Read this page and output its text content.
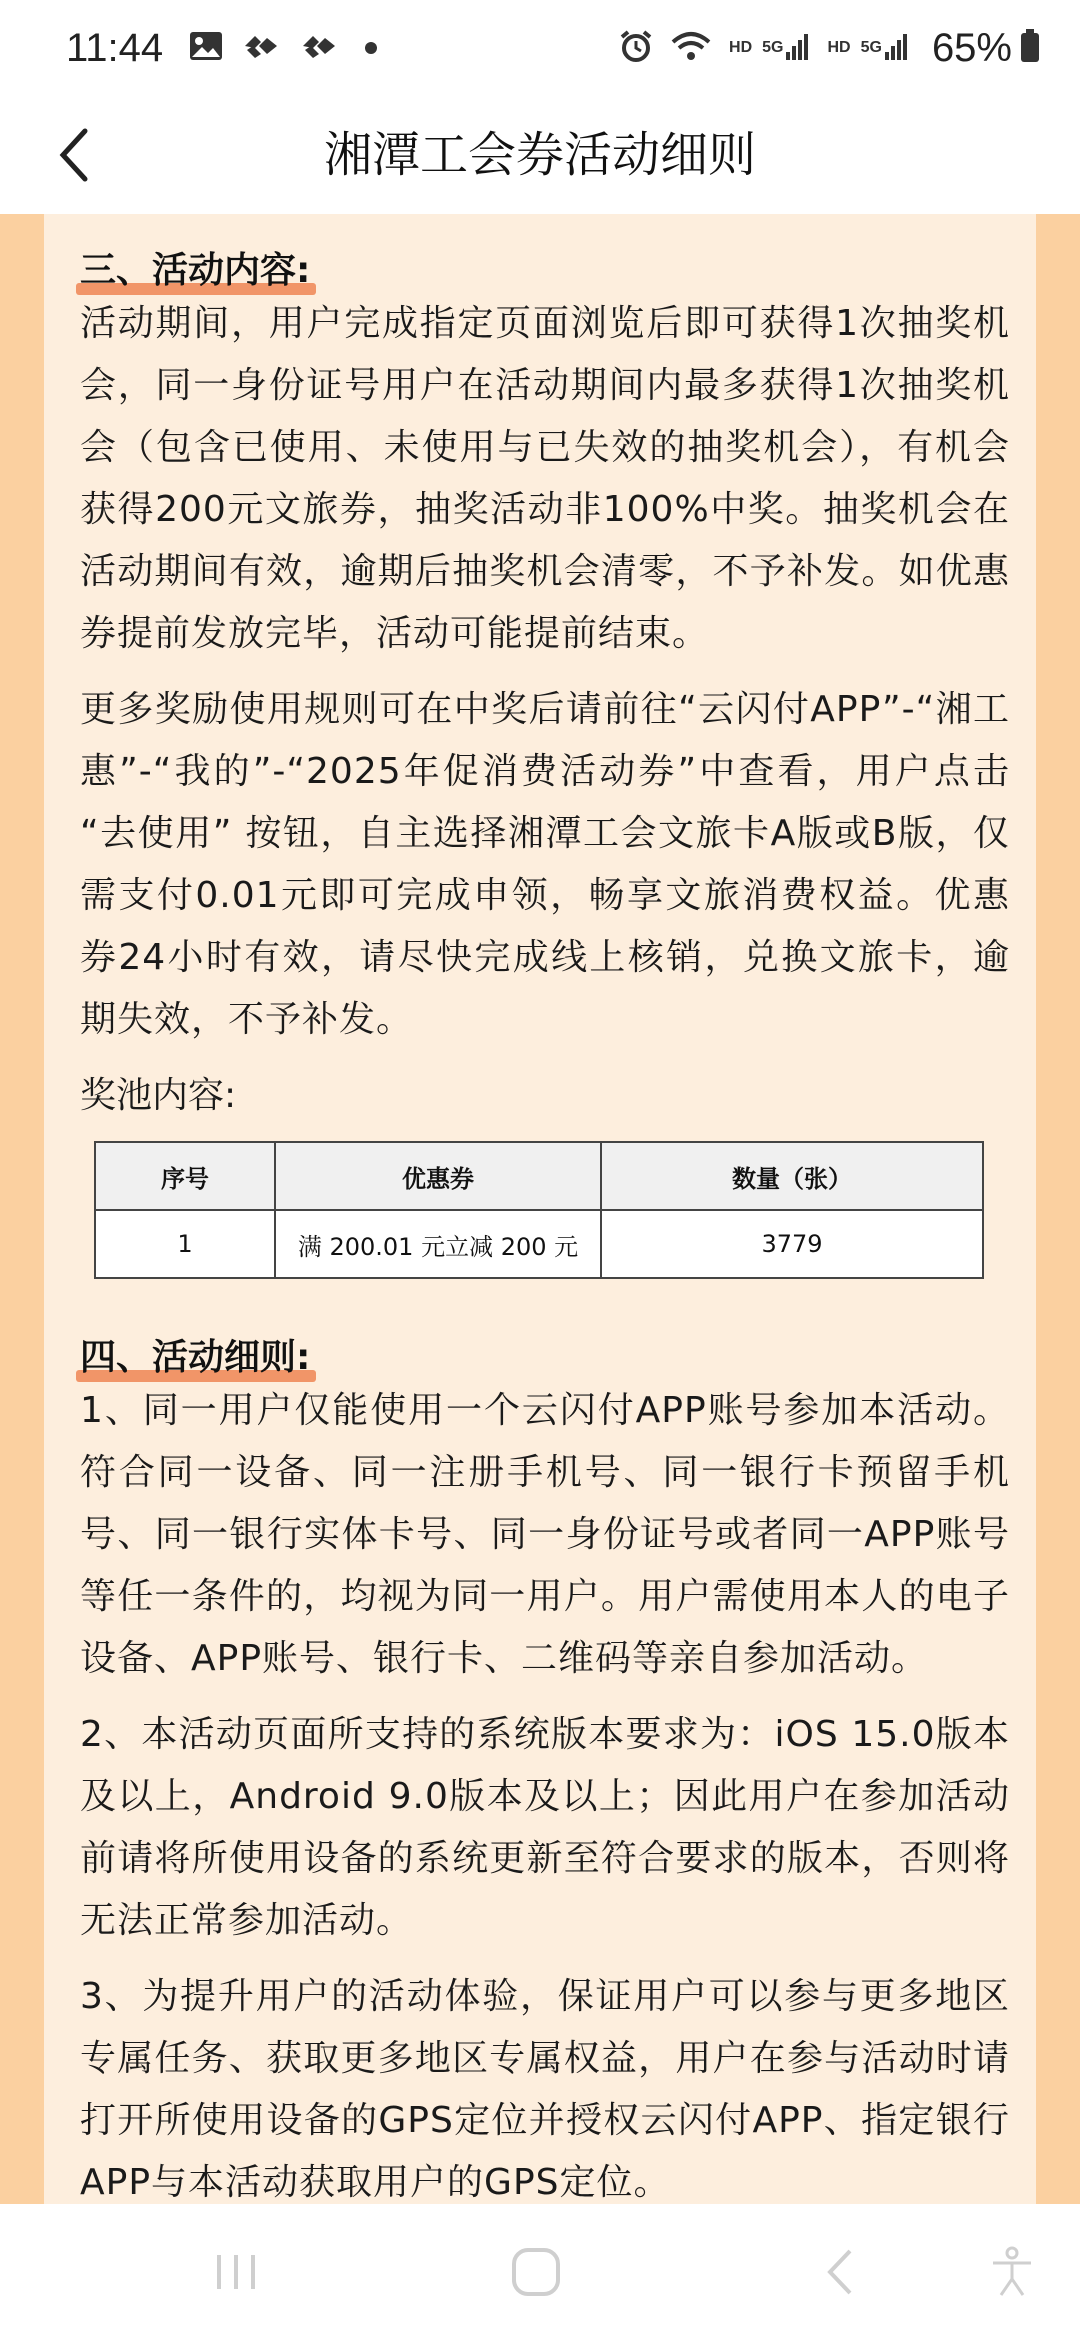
11:44	HD 5G	HD 5G 65%
湘潭工会券活动细则
三、活动内容:

活动期间，用户完成指定页面浏览后即可获得1次抽奖机会，同一身份证号用户在活动期间内最多获得1次抽奖机会（包含已使用、未使用与已失效的抽奖机会），有机会获得200元文旅券，抽奖活动非100%中奖。抽奖机会在活动期间有效，逾期后抽奖机会清零，不予补发。如优惠券提前发放完毕，活动可能提前结束。

更多奖励使用规则可在中奖后请前往“云闪付APP”-“湘工惠”-“我的”-“2025年促消费活动券”中查看，用户点击 “去使用” 按钮，自主选择湘潭工会文旅卡A版或B版，仅需支付0.01元即可完成申领，畅享文旅消费权益。优惠券24小时有效，请尽快完成线上核销，兑换文旅卡，逾期失效，不予补发。

奖池内容:
序号	优惠券	数量（张）
1	满 200.01 元立减 200 元	3779
四、活动细则:

1、同一用户仅能使用一个云闪付APP账号参加本活动。符合同一设备、同一注册手机号、同一银行卡预留手机号、同一银行实体卡号、同一身份证号或者同一APP账号等任一条件的，均视为同一用户。用户需使用本人的电子设备、APP账号、银行卡、二维码等亲自参加活动。

2、本活动页面所支持的系统版本要求为：iOS 15.0版本及以上，Android 9.0版本及以上；因此用户在参加活动前请将所使用设备的系统更新至符合要求的版本，否则将无法正常参加活动。

3、为提升用户的活动体验，保证用户可以参与更多地区专属任务、获取更多地区专属权益，用户在参与活动时请打开所使用设备的GPS定位并授权云闪付APP、指定银行APP与本活动获取用户的GPS定位。
